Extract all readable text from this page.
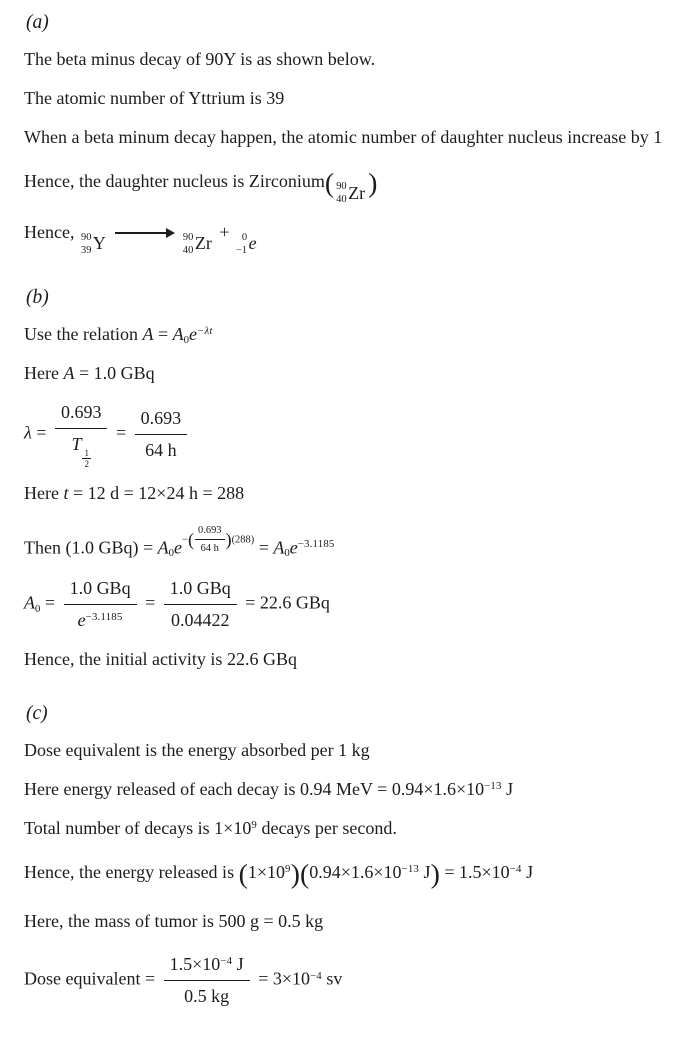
(a)
The beta minus decay of 90Y is as shown below.
The atomic number of Yttrium is 39
When a beta minum decay happen, the atomic number of daughter nucleus increase by 1
Hence, the daughter nucleus is Zirconium( 90
40 Zr )
Hence, 90
39 Y	90
40 Zr
+ 0
−1 e
(b)
Use the relation $A = A0e^{-\lambda t}$
Here A = 1.0 GBq
λ = 0.693
T
$\frac{1}{2} = \frac{0.693}{64 h}$
Here t = 12 d = 12×24 h = 288
Then (1.0 $GBq) = A0e-( \frac{0.693}{64 h} )(288) = A0e^{-3.1185}$
$A0 = \frac{\text{1.0 GBq}}{e^{-3.1185}} = \frac{\text{1.0 GBq}}{0.04422} = 22.6$ GBq
Hence, the initial activity is 22.6 GBq
(c)
Dose equivalent is the energy absorbed per 1 kg
Here energy released of each decay is 0.94 MeV = $0.94\times 1.6\times 10^{-13}$ J
Total number of decays is $1\times 10^9$ decays per second.
Hence, the energy released is $(1\times 10^9)(0.94\times 1.6\times 10^{-13}$ $J) = 1.5\times 10^{-4}$ J
Here, the mass of tumor is 500 g = 0.5 kg
Dose equivalent = $\frac{1.5\times 10^{-4} J}{0.5 kg} = 3\times 10^{-4}$ sv
